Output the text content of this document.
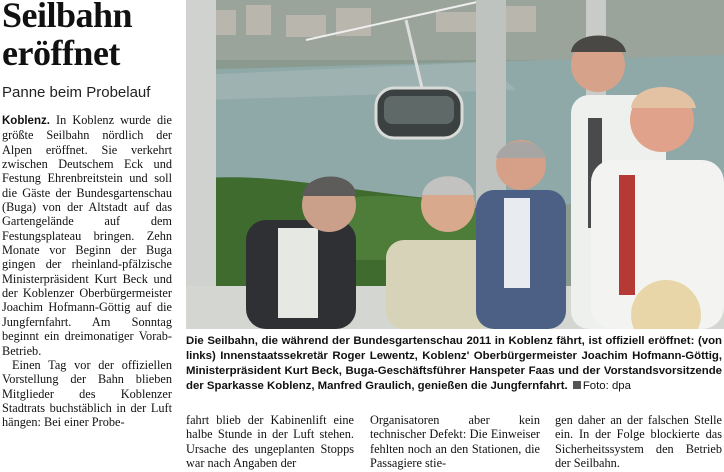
Seilbahn
eröffnet
Panne beim Probelauf

Koblenz. In Koblenz wurde die größte Seilbahn nördlich der Alpen eröffnet. Sie verkehrt zwischen Deutschem Eck und Festung Ehrenbreitstein und soll die Gäste der Bundesgartenschau (Buga) von der Altstadt auf das Gartengelände auf dem Festungsplateau bringen. Zehn Monate vor Beginn der Buga gingen der rheinland-pfälzische Ministerpräsident Kurt Beck und der Koblenzer Oberbürgermeister Joachim Hofmann-Göttig auf die Jungfernfahrt. Am Sonntag beginnt ein dreimonatiger Vorab-Betrieb.

Einen Tag vor der offiziellen Vorstellung der Bahn blieben Mitglieder des Koblenzer Stadtrats buchstäblich in der Luft hängen: Bei einer Probe-

Die Seilbahn, die während der Bundesgartenschau 2011 in Koblenz fährt, ist offiziell eröffnet: (von links) Innenstaatssekretär Roger Lewentz, Koblenz' Oberbürgermeister Joachim Hofmann-Göttig, Ministerpräsident Kurt Beck, Buga-Geschäftsführer Hanspeter Faas und der Vorstandsvorsitzende der Sparkasse Koblenz, Manfred Graulich, genießen die Jungfernfahrt. Foto: dpa
fahrt blieb der Kabinenlift eine halbe Stunde in der Luft stehen. Ursache des ungeplanten Stopps war nach Angaben der
Organisatoren aber kein technischer Defekt: Die Einweiser fehlten noch an den Stationen, die Passagiere stie-
gen daher an der falschen Stelle ein. In der Folge blockierte das Sicherheitssystem den Betrieb der Seilbahn.
